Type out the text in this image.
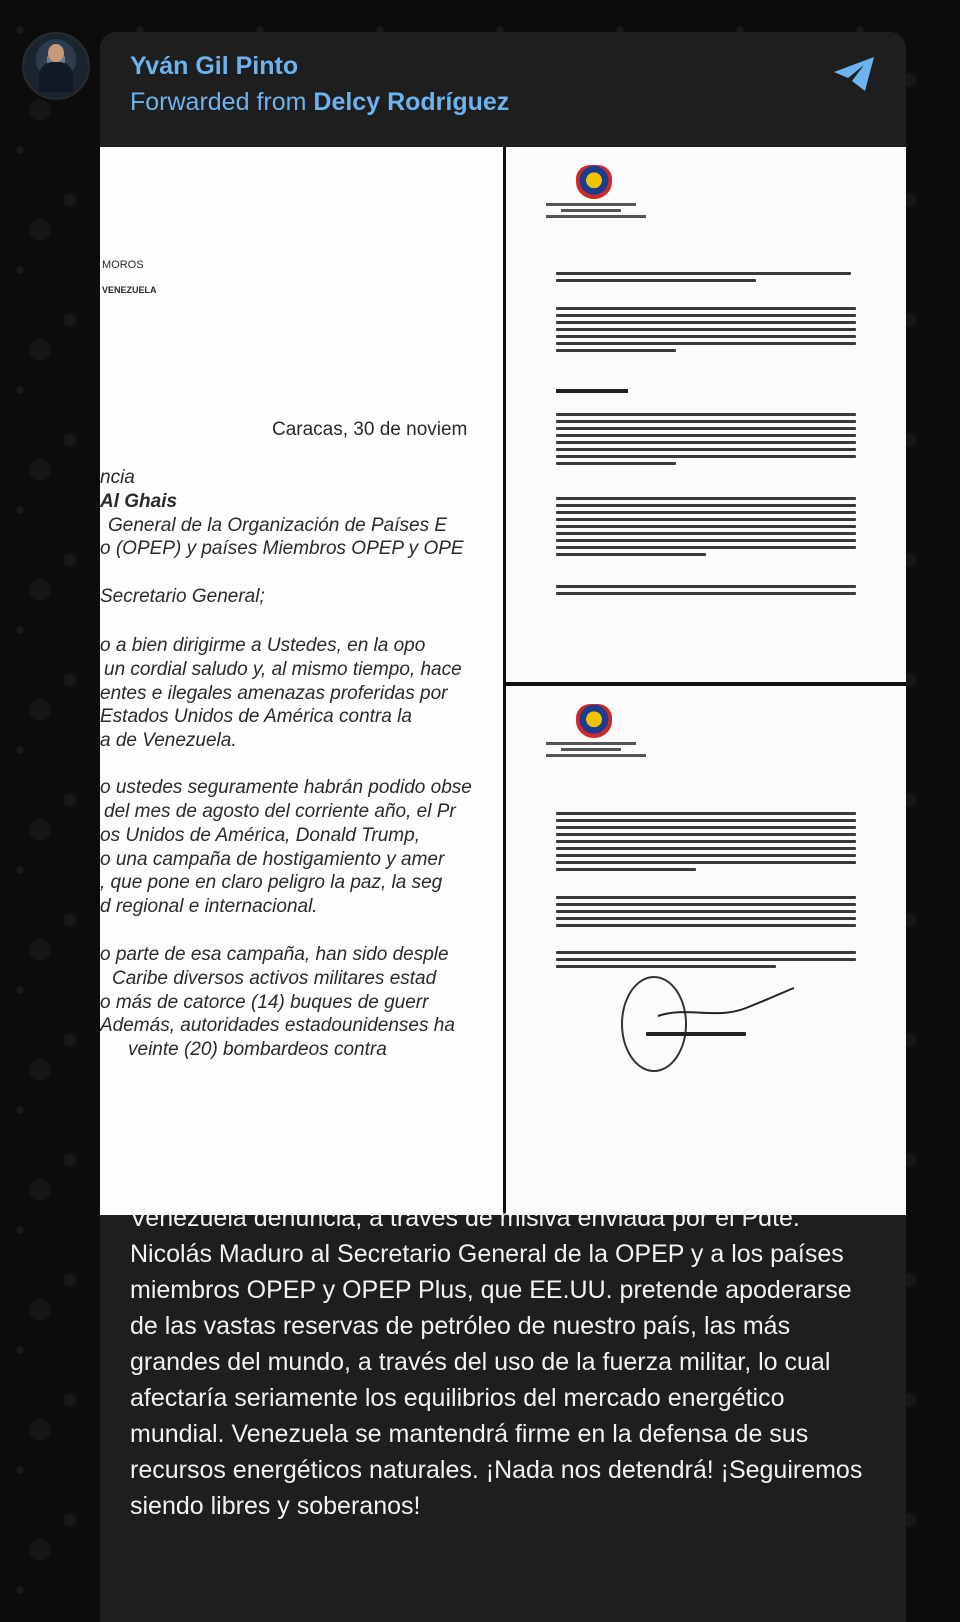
Yván Gil Pinto
Forwarded from Delcy Rodríguez
MOROS
VENEZUELA
Caracas, 30 de noviem
ncia
Al Ghais
General de la Organización de Países E
o (OPEP) y países Miembros OPEP y OPE
Secretario General;
o a bien dirigirme a Ustedes, en la opo
un cordial saludo y, al mismo tiempo, hace
entes e ilegales amenazas proferidas por
Estados Unidos de América contra la
a de Venezuela.
o ustedes seguramente habrán podido obse
del mes de agosto del corriente año, el Pr
os Unidos de América, Donald Trump,
o una campaña de hostigamiento y amer
, que pone en claro peligro la paz, la seg
d regional e internacional.
o parte de esa campaña, han sido desple
Caribe diversos activos militares estad
o más de catorce (14) buques de guerr
Además, autoridades estadounidenses ha
veinte (20) bombardeos contra
Venezuela denuncia, a través de misiva enviada por el Pdte. Nicolás Maduro al Secretario General de la OPEP y a los países miembros OPEP y OPEP Plus, que EE.UU. pretende apoderarse de las vastas reservas de petróleo de nuestro país, las más grandes del mundo, a través del uso de la fuerza militar, lo cual afectaría seriamente los equilibrios del mercado energético mundial. Venezuela se mantendrá firme en la defensa de sus recursos energéticos naturales. ¡Nada nos detendrá! ¡Seguiremos siendo libres y soberanos!
